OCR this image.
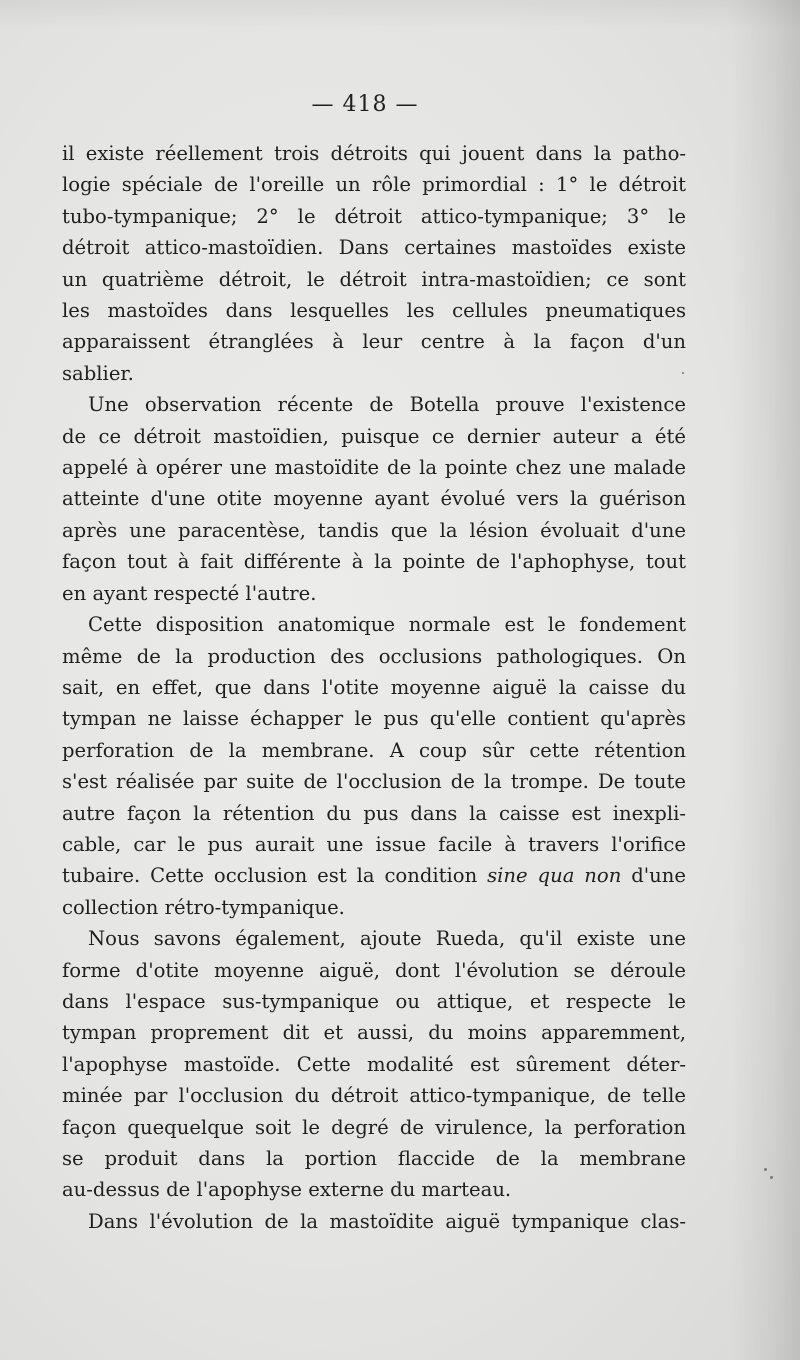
— 418 —
il existe réellement trois détroits qui jouent dans la patho-
logie spéciale de l'oreille un rôle primordial : 1° le détroit
tubo-tympanique; 2° le détroit attico-tympanique; 3° le
détroit attico-mastoïdien. Dans certaines mastoïdes existe
un quatrième détroit, le détroit intra-mastoïdien; ce sont
les mastoïdes dans lesquelles les cellules pneumatiques
apparaissent étranglées à leur centre à la façon d'un
sablier.
Une observation récente de Botella prouve l'existence
de ce détroit mastoïdien, puisque ce dernier auteur a été
appelé à opérer une mastoïdite de la pointe chez une malade
atteinte d'une otite moyenne ayant évolué vers la guérison
après une paracentèse, tandis que la lésion évoluait d'une
façon tout à fait différente à la pointe de l'aphophyse, tout
en ayant respecté l'autre.
Cette disposition anatomique normale est le fondement
même de la production des occlusions pathologiques. On
sait, en effet, que dans l'otite moyenne aiguë la caisse du
tympan ne laisse échapper le pus qu'elle contient qu'après
perforation de la membrane. A coup sûr cette rétention
s'est réalisée par suite de l'occlusion de la trompe. De toute
autre façon la rétention du pus dans la caisse est inexpli-
cable, car le pus aurait une issue facile à travers l'orifice
tubaire. Cette occlusion est la condition sine qua non d'une
collection rétro-tympanique.
Nous savons également, ajoute Rueda, qu'il existe une
forme d'otite moyenne aiguë, dont l'évolution se déroule
dans l'espace sus-tympanique ou attique, et respecte le
tympan proprement dit et aussi, du moins apparemment,
l'apophyse mastoïde. Cette modalité est sûrement déter-
minée par l'occlusion du détroit attico-tympanique, de telle
façon quequelque soit le degré de virulence, la perforation
se produit dans la portion flaccide de la membrane
au-dessus de l'apophyse externe du marteau.
Dans l'évolution de la mastoïdite aiguë tympanique clas-
